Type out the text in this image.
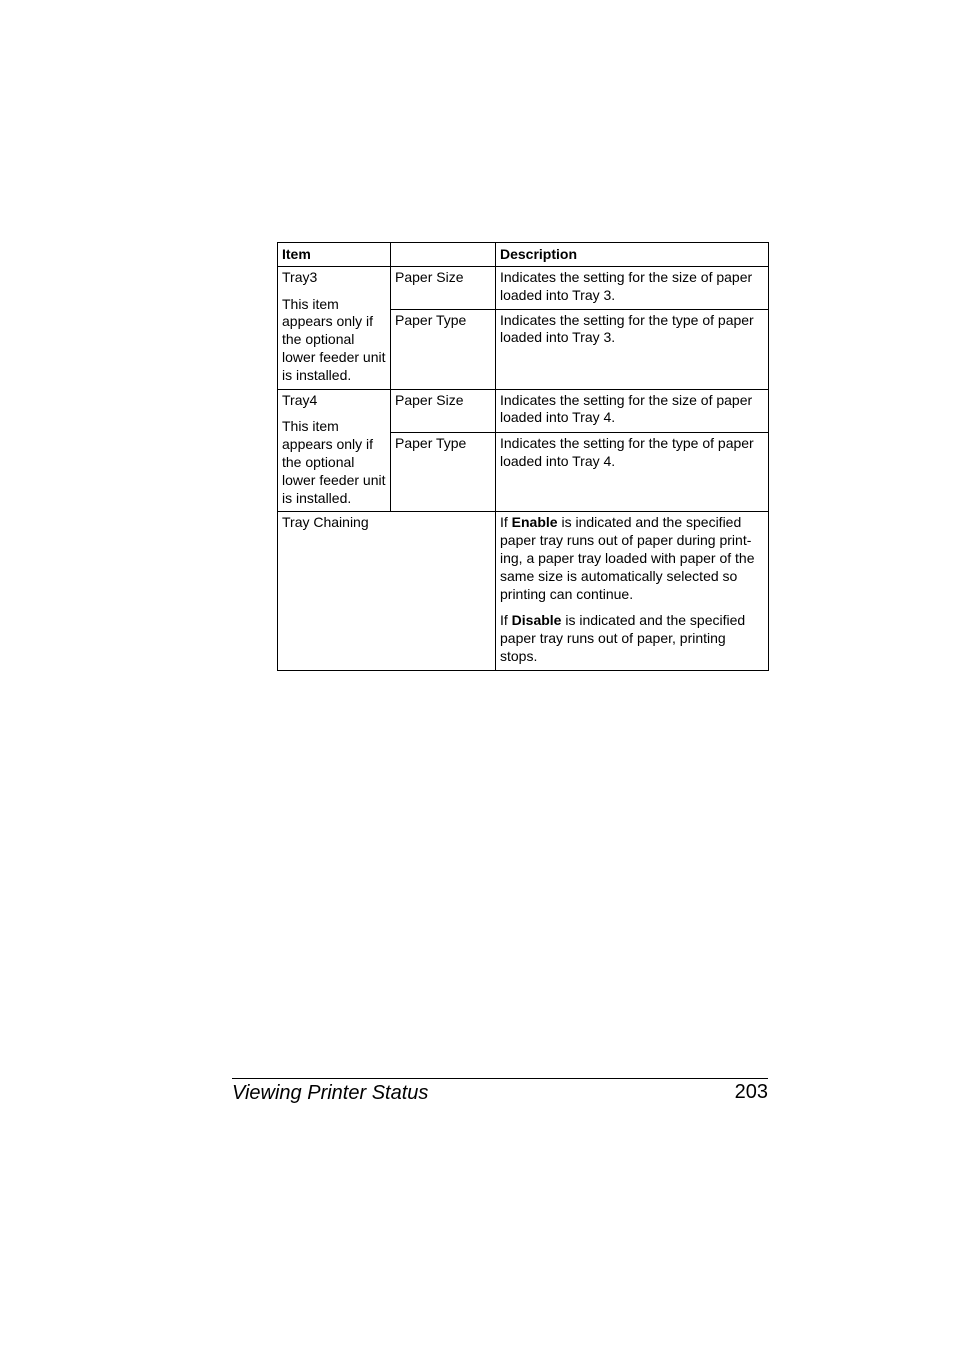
Item		Description
Tray3
This item appears only if the optional lower feeder unit is installed.	Paper Size	Indicates the setting for the size of paper loaded into Tray 3.
	Paper Type	Indicates the setting for the type of paper loaded into Tray 3.
Tray4
This item appears only if the optional lower feeder unit is installed.	Paper Size	Indicates the setting for the size of paper loaded into Tray 4.
	Paper Type	Indicates the setting for the type of paper loaded into Tray 4.
Tray Chaining		If Enable is indicated and the specified paper tray runs out of paper during print-ing, a paper tray loaded with paper of the same size is automatically selected so printing can continue.
If Disable is indicated and the specified paper tray runs out of paper, printing stops.
Viewing Printer Status	203
